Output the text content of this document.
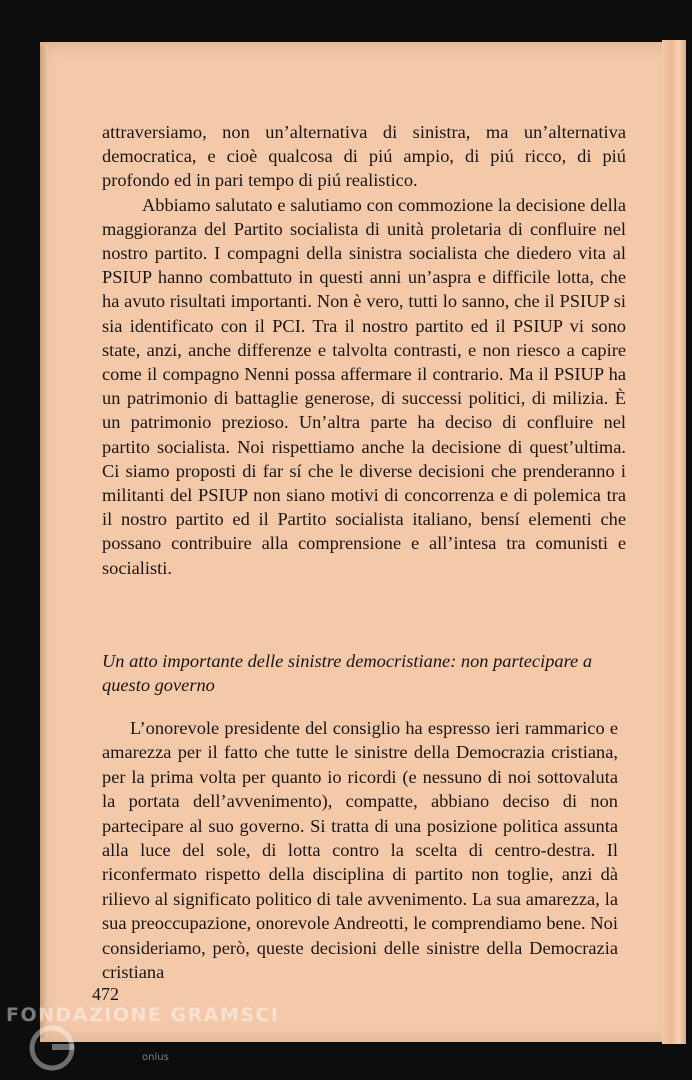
attraversiamo, non un’alternativa di sinistra, ma un’alternativa democratica, e cioè qualcosa di piú ampio, di piú ricco, di piú profondo ed in pari tempo di piú realistico.

Abbiamo salutato e salutiamo con commozione la decisione della maggioranza del Partito socialista di unità proletaria di confluire nel nostro partito. I compagni della sinistra socialista che diedero vita al PSIUP hanno combattuto in questi anni un’aspra e difficile lotta, che ha avuto risultati importanti. Non è vero, tutti lo sanno, che il PSIUP si sia identificato con il PCI. Tra il nostro partito ed il PSIUP vi sono state, anzi, anche differenze e talvolta contrasti, e non riesco a capire come il compagno Nenni possa affermare il contrario. Ma il PSIUP ha un patrimonio di battaglie generose, di successi politici, di milizia. È un patrimonio prezioso. Un’altra parte ha deciso di confluire nel partito socialista. Noi rispettiamo anche la decisione di quest’ultima. Ci siamo proposti di far sí che le diverse decisioni che prenderanno i militanti del PSIUP non siano motivi di concorrenza e di polemica tra il nostro partito ed il Partito socialista italiano, bensí elementi che possano contribuire alla comprensione e all’intesa tra comunisti e socialisti.

Un atto importante delle sinistre democristiane: non partecipare a questo governo
L’onorevole presidente del consiglio ha espresso ieri rammarico e amarezza per il fatto che tutte le sinistre della Democrazia cristiana, per la prima volta per quanto io ricordi (e nessuno di noi sottovaluta la portata dell’avvenimento), compatte, abbiano deciso di non partecipare al suo governo. Si tratta di una posizione politica assunta alla luce del sole, di lotta contro la scelta di centro-destra. Il riconfermato rispetto della disciplina di partito non toglie, anzi dà rilievo al significato politico di tale avvenimento. La sua amarezza, la sua preoccupazione, onorevole Andreotti, le comprendiamo bene. Noi consideriamo, però, queste decisioni delle sinistre della Democrazia cristiana
472
FONDAZIONE GRAMSCI
onlus
